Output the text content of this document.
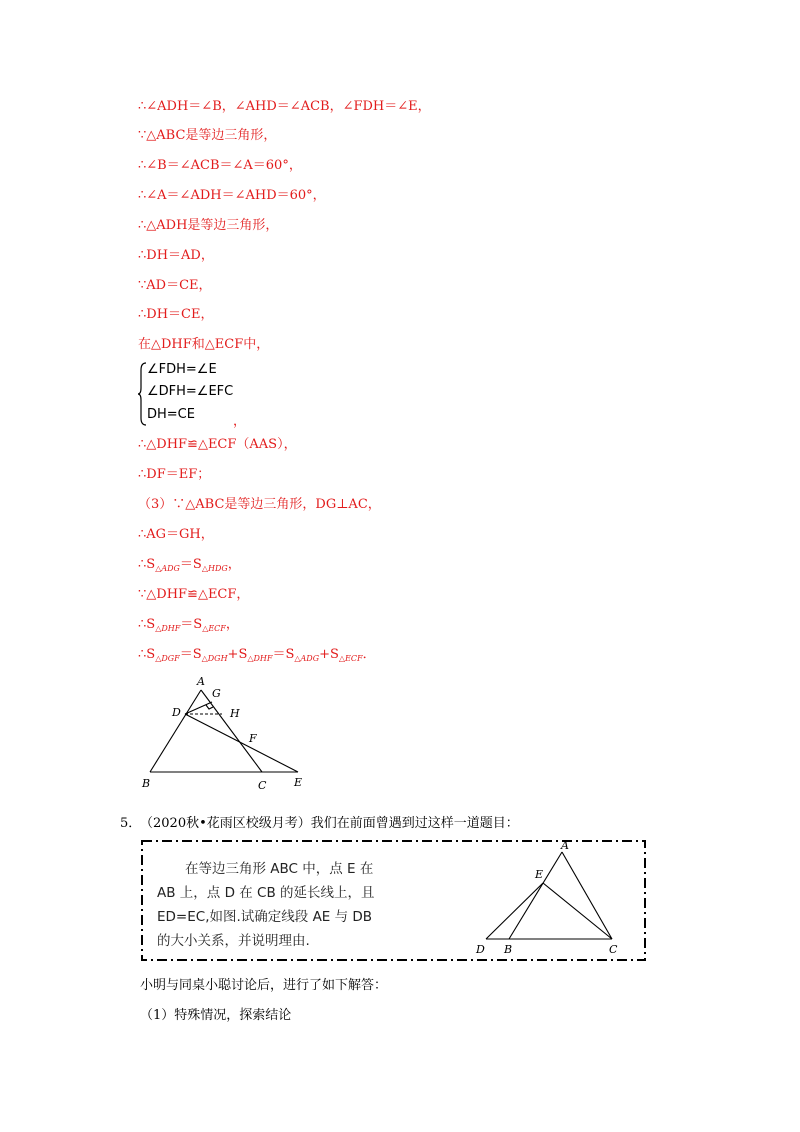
∴∠ADH＝∠B，∠AHD＝∠ACB，∠FDH＝∠E，
∵△ABC是等边三角形，
∴∠B＝∠ACB＝∠A＝60°，
∴∠A＝∠ADH＝∠AHD＝60°，
∴△ADH是等边三角形，
∴DH＝AD，
∵AD＝CE，
∴DH＝CE，
在△DHF和△ECF中，
∠FDH=∠E
∠DFH=∠EFC
DH=CE	，
∴△DHF≌△ECF（AAS），
∴DF＝EF；
（3）∵△ABC是等边三角形，DG⊥AC，
∴AG＝GH，
$\therefore S_{\triangle ADG}=S_{\triangle HDG}$，
∵△DHF≌△ECF，
$\therefore S_{\triangle DHF}=S_{\triangle ECF}$，
$\therefore S_{\triangle DGF}=S_{\triangle DGH}+S_{\triangle DHF}=S_{\triangle ADG}+S_{\triangle ECF}$．
A
G
D	H
F
B	C	E
5．
（2020秋•花雨区校级月考）我们在前面曾遇到过这样一道题目：
在等边三角形 ABC 中，点 E 在
AB 上，点 D 在 CB 的延长线上，且
ED=EC,如图.试确定线段 AE 与 DB
的大小关系，并说明理由.
A
E
D B	C
小明与同桌小聪讨论后，进行了如下解答：
（1）特殊情况，探索结论
